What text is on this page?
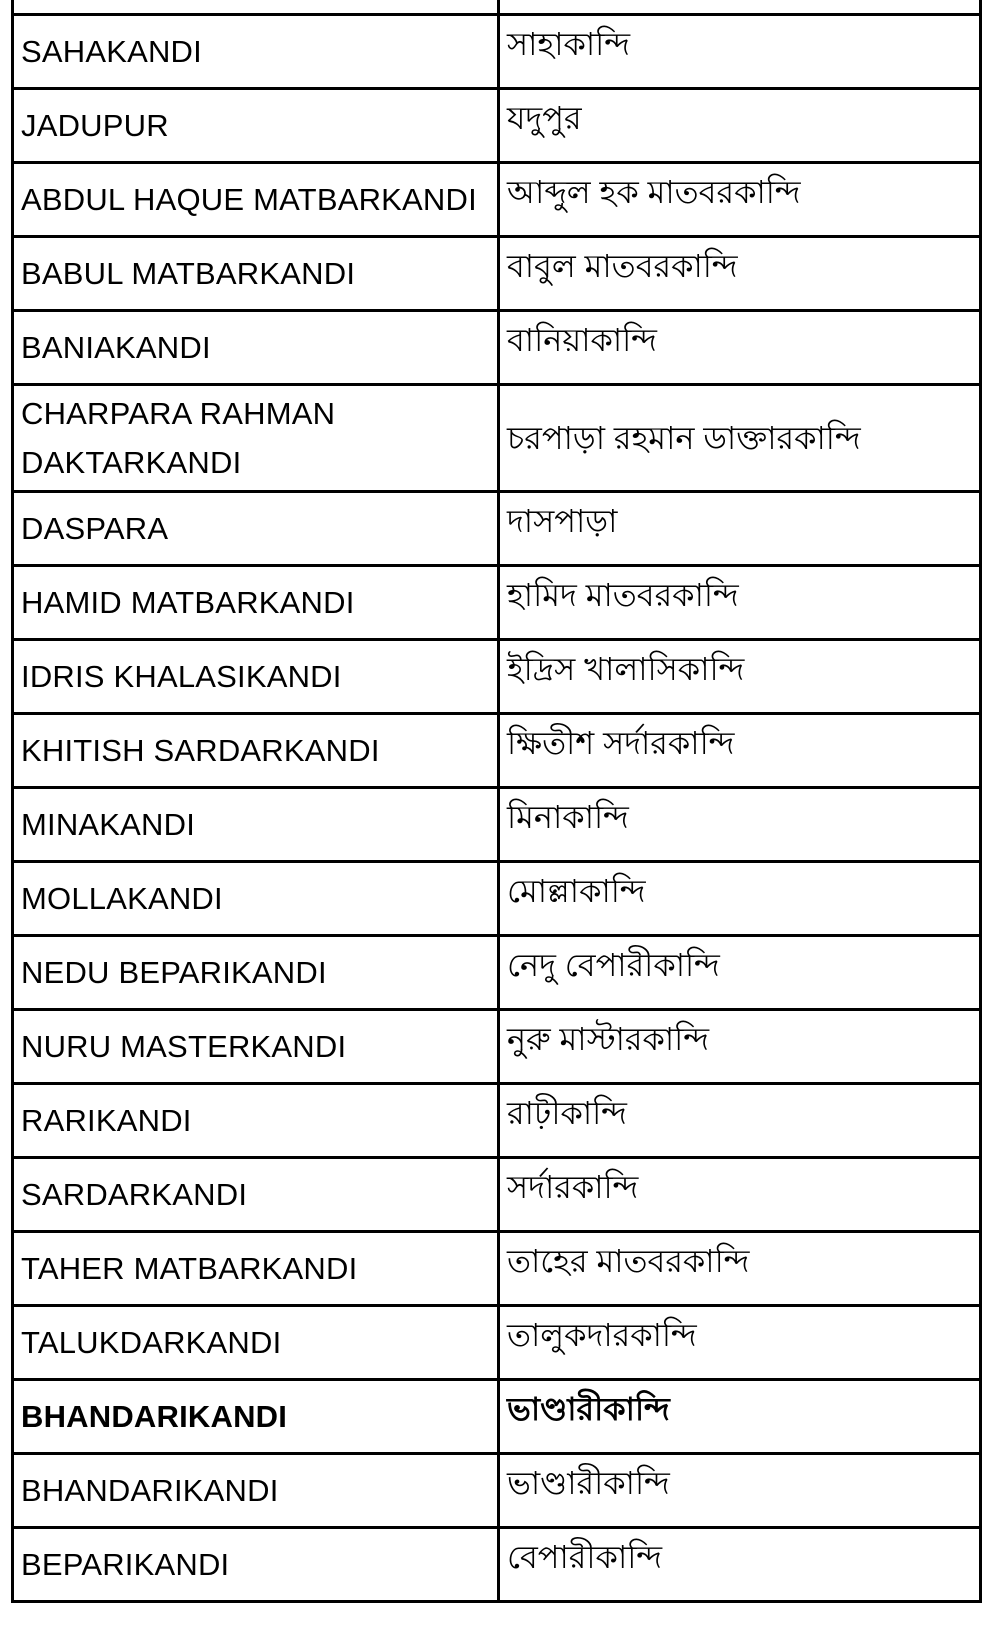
SAHAKANDI	সাহাকান্দি
JADUPUR	যদুপুর
ABDUL HAQUE MATBARKANDI	আব্দুল হক মাতবরকান্দি
BABUL MATBARKANDI	বাবুল মাতবরকান্দি
BANIAKANDI	বানিয়াকান্দি
CHARPARA RAHMAN DAKTARKANDI	চরপাড়া রহমান ডাক্তারকান্দি
DASPARA	দাসপাড়া
HAMID MATBARKANDI	হামিদ মাতবরকান্দি
IDRIS KHALASIKANDI	ইদ্রিস খালাসিকান্দি
KHITISH SARDARKANDI	ক্ষিতীশ সর্দারকান্দি
MINAKANDI	মিনাকান্দি
MOLLAKANDI	মোল্লাকান্দি
NEDU BEPARIKANDI	নেদু বেপারীকান্দি
NURU MASTERKANDI	নুরু মাস্টারকান্দি
RARIKANDI	রাঢ়ীকান্দি
SARDARKANDI	সর্দারকান্দি
TAHER MATBARKANDI	তাহের মাতবরকান্দি
TALUKDARKANDI	তালুকদারকান্দি
BHANDARIKANDI	ভাণ্ডারীকান্দি
BHANDARIKANDI	ভাণ্ডারীকান্দি
BEPARIKANDI	বেপারীকান্দি
